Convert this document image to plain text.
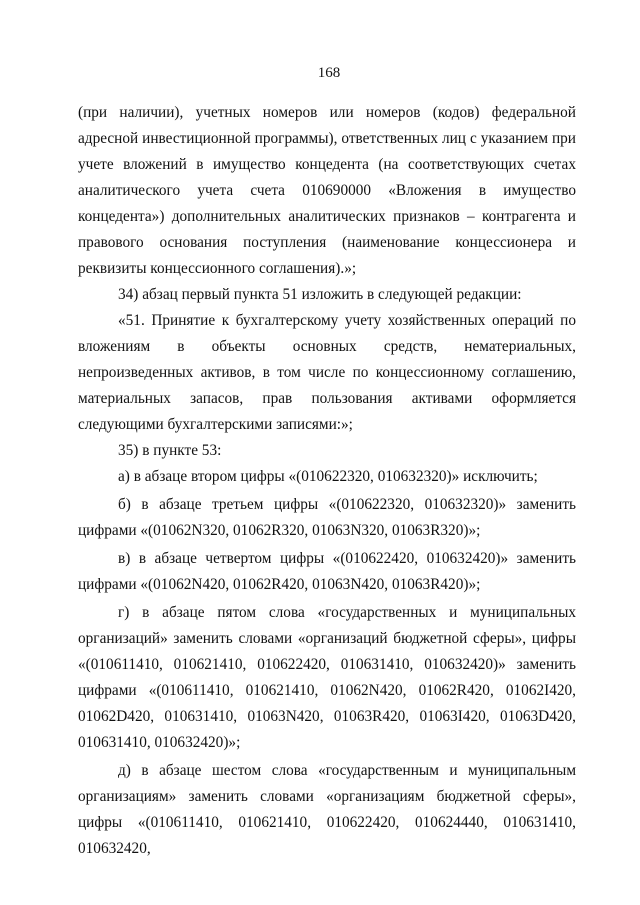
168

(при наличии), учетных номеров или номеров (кодов) федеральной адресной инвестиционной программы), ответственных лиц с указанием при учете вложений в имущество концедента (на соответствующих счетах аналитического учета счета 010690000 «Вложения в имущество концедента») дополнительных аналитических признаков – контрагента и правового основания поступления (наименование концессионера и реквизиты концессионного соглашения).»;

34) абзац первый пункта 51 изложить в следующей редакции:

«51. Принятие к бухгалтерскому учету хозяйственных операций по вложениям в объекты основных средств, нематериальных, непроизведенных активов, в том числе по концессионному соглашению, материальных запасов, прав пользования активами оформляется следующими бухгалтерскими записями:»;

35) в пункте 53:

а) в абзаце втором цифры «(010622320, 010632320)» исключить;

б) в абзаце третьем цифры «(010622320, 010632320)» заменить цифрами «(01062N320, 01062R320, 01063N320, 01063R320)»;

в) в абзаце четвертом цифры «(010622420, 010632420)» заменить цифрами «(01062N420, 01062R420, 01063N420, 01063R420)»;

г) в абзаце пятом слова «государственных и муниципальных организаций» заменить словами «организаций бюджетной сферы», цифры «(010611410, 010621410, 010622420, 010631410, 010632420)» заменить цифрами «(010611410, 010621410, 01062N420, 01062R420, 01062I420, 01062D420, 010631410, 01063N420, 01063R420, 01063I420, 01063D420, 010631410, 010632420)»;

д) в абзаце шестом слова «государственным и муниципальным организациям» заменить словами «организациям бюджетной сферы», цифры «(010611410, 010621410, 010622420, 010624440, 010631410, 010632420,
